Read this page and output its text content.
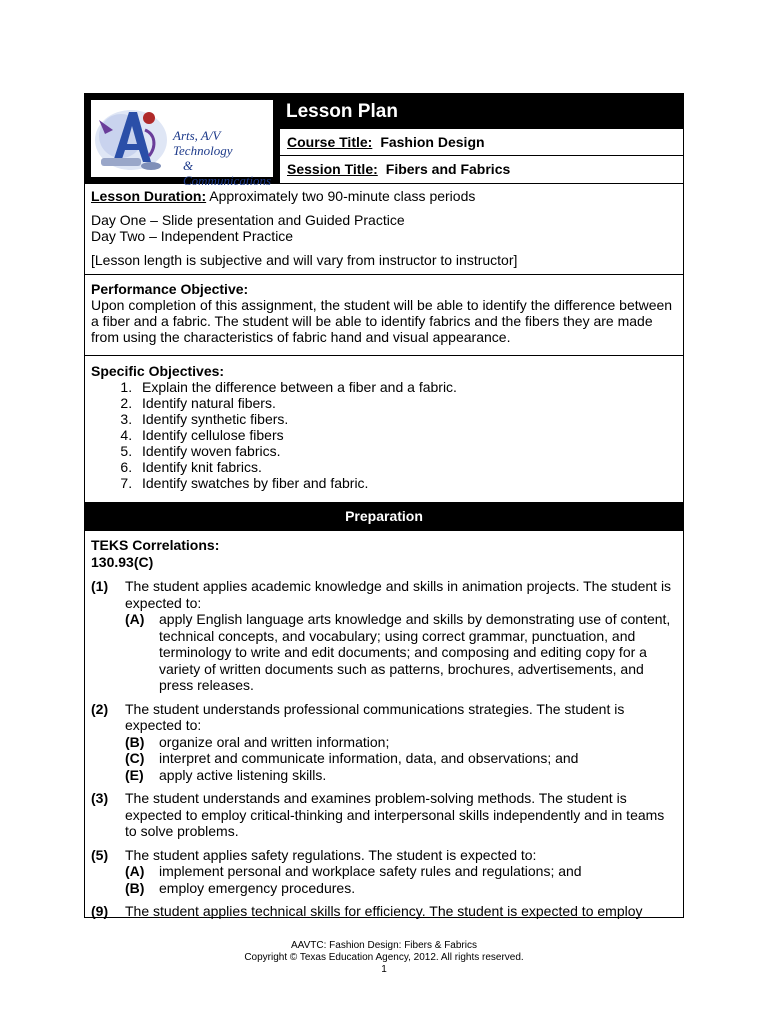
Arts, A/V Technology
& Communications
Lesson Plan
Course Title: Fashion Design
Session Title: Fibers and Fabrics

Lesson Duration: Approximately two 90-minute class periods

Day One – Slide presentation and Guided Practice

Day Two – Independent Practice

[Lesson length is subjective and will vary from instructor to instructor]

Performance Objective:

Upon completion of this assignment, the student will be able to identify the difference between a fiber and a fabric. The student will be able to identify fabrics and the fibers they are made from using the characteristics of fabric hand and visual appearance.

Specific Objectives:

1. Explain the difference between a fiber and a fabric.
2. Identify natural fibers.
3. Identify synthetic fibers.
4. Identify cellulose fibers
5. Identify woven fabrics.
6. Identify knit fabrics.
7. Identify swatches by fiber and fabric.
Preparation
TEKS Correlations:
130.93(C)
(1)	The student applies academic knowledge and skills in animation projects. The student is expected to:
(A)	apply English language arts knowledge and skills by demonstrating use of content, technical concepts, and vocabulary; using correct grammar, punctuation, and terminology to write and edit documents; and composing and editing copy for a variety of written documents such as patterns, brochures, advertisements, and press releases.
(2)	The student understands professional communications strategies. The student is expected to:
(B)	organize oral and written information;
(C)	interpret and communicate information, data, and observations; and
(E)	apply active listening skills.
(3)	The student understands and examines problem-solving methods. The student is expected to employ critical-thinking and interpersonal skills independently and in teams to solve problems.
(5)	The student applies safety regulations. The student is expected to:
(A)	implement personal and workplace safety rules and regulations; and
(B)	employ emergency procedures.
(9)	The student applies technical skills for efficiency. The student is expected to employ
AAVTC: Fashion Design: Fibers & Fabrics
Copyright © Texas Education Agency, 2012. All rights reserved.
1
